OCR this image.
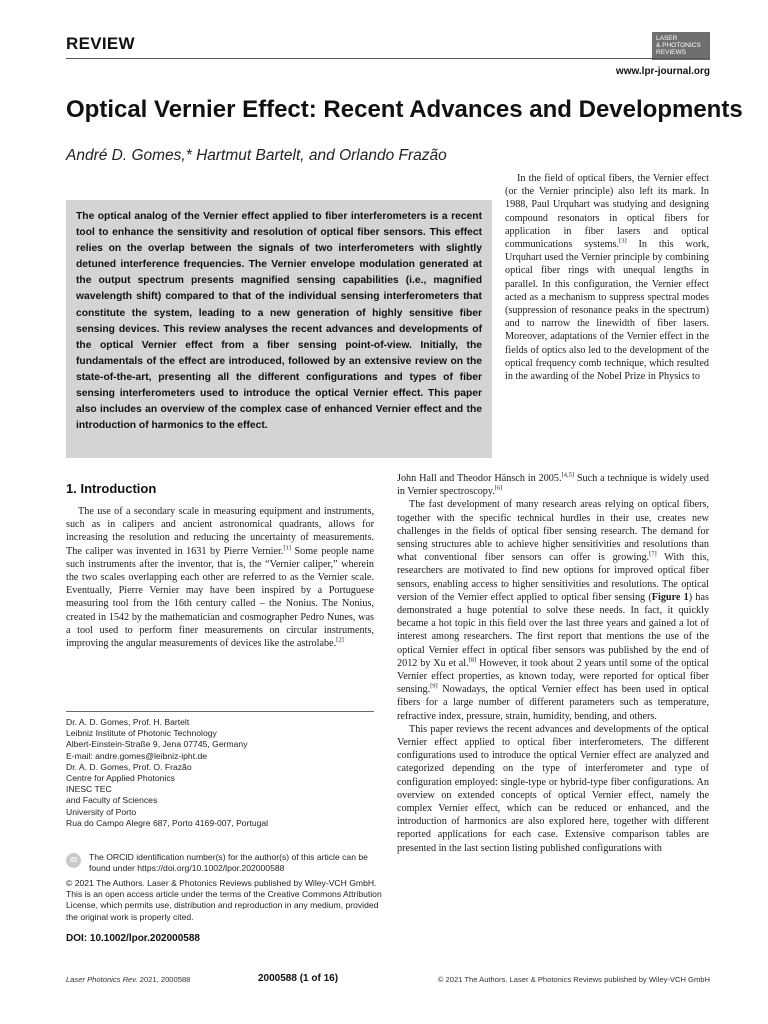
REVIEW	LASER
& PHOTONICS
REVIEWS
www.lpr-journal.org
Optical Vernier Effect: Recent Advances and Developments
André D. Gomes,* Hartmut Bartelt, and Orlando Frazão

The optical analog of the Vernier effect applied to fiber interferometers is a recent tool to enhance the sensitivity and resolution of optical fiber sensors. This effect relies on the overlap between the signals of two interferometers with slightly detuned interference frequencies. The Vernier envelope modulation generated at the output spectrum presents magnified sensing capabilities (i.e., magnified wavelength shift) compared to that of the individual sensing interferometers that constitute the system, leading to a new generation of highly sensitive fiber sensing devices. This review analyses the recent advances and developments of the optical Vernier effect from a fiber sensing point-of-view. Initially, the fundamentals of the effect are introduced, followed by an extensive review on the state-of-the-art, presenting all the different configurations and types of fiber sensing interferometers used to introduce the optical Vernier effect. This paper also includes an overview of the complex case of enhanced Vernier effect and the introduction of harmonics to the effect.

1. Introduction

The use of a secondary scale in measuring equipment and instruments, such as in calipers and ancient astronomical quadrants, allows for increasing the resolution and reducing the uncertainty of measurements. The caliper was invented in 1631 by Pierre Vernier.[1] Some people name such instruments after the inventor, that is, the “Vernier caliper,” wherein the two scales overlapping each other are referred to as the Vernier scale. Eventually, Pierre Vernier may have been inspired by a Portuguese measuring tool from the 16th century called – the Nonius. The Nonius, created in 1542 by the mathematician and cosmographer Pedro Nunes, was a tool used to perform finer measurements on circular instruments, improving the angular measurements of devices like the astrolabe.[2]

In the field of optical fibers, the Vernier effect (or the Vernier principle) also left its mark. In 1988, Paul Urquhart was studying and designing compound resonators in optical fibers for application in fiber lasers and optical communications systems.[3] In this work, Urquhart used the Vernier principle by combining optical fiber rings with unequal lengths in parallel. In this configuration, the Vernier effect acted as a mechanism to suppress spectral modes (suppression of resonance peaks in the spectrum) and to narrow the linewidth of fiber lasers. Moreover, adaptations of the Vernier effect in the fields of optics also led to the development of the optical frequency comb technique, which resulted in the awarding of the Nobel Prize in Physics to

John Hall and Theodor Hänsch in 2005.[4,5] Such a technique is widely used in Vernier spectroscopy.[6]

The fast development of many research areas relying on optical fibers, together with the specific technical hurdles in their use, creates new challenges in the fields of optical fiber sensing research. The demand for sensing structures able to achieve higher sensitivities and resolutions than what conventional fiber sensors can offer is growing.[7] With this, researchers are motivated to find new options for improved optical fiber sensors, enabling access to higher sensitivities and resolutions. The optical version of the Vernier effect applied to optical fiber sensing (Figure 1) has demonstrated a huge potential to solve these needs. In fact, it quickly became a hot topic in this field over the last three years and gained a lot of interest among researchers. The first report that mentions the use of the optical Vernier effect in optical fiber sensors was published by the end of 2012 by Xu et al.[8] However, it took about 2 years until some of the optical Vernier effect properties, as known today, were reported for optical fiber sensing.[9] Nowadays, the optical Vernier effect has been used in optical fibers for a large number of different parameters such as temperature, refractive index, pressure, strain, humidity, bending, and others.

This paper reviews the recent advances and developments of the optical Vernier effect applied to optical fiber interferometers. The different configurations used to introduce the optical Vernier effect are analyzed and categorized depending on the type of interferometer and type of configuration employed: single-type or hybrid-type fiber configurations. An overview on extended concepts of optical Vernier effect, namely the complex Vernier effect, which can be reduced or enhanced, and the introduction of harmonics are also explored here, together with different reported applications for each case. Extensive comparison tables are presented in the last section listing published configurations with

Dr. A. D. Gomes, Prof. H. Bartelt
Leibniz Institute of Photonic Technology
Albert-Einstein-Straße 9, Jena 07745, Germany
E-mail: andre.gomes@leibniz-ipht.de
Dr. A. D. Gomes, Prof. O. Frazão
Centre for Applied Photonics
INESC TEC
and Faculty of Sciences
University of Porto
Rua do Campo Alegre 687, Porto 4169-007, Portugal
iD	The ORCID identification number(s) for the author(s) of this article can be found under https://doi.org/10.1002/lpor.202000588
© 2021 The Authors. Laser & Photonics Reviews published by Wiley-VCH GmbH. This is an open access article under the terms of the Creative Commons Attribution License, which permits use, distribution and reproduction in any medium, provided the original work is properly cited.
DOI: 10.1002/lpor.202000588
Laser Photonics Rev. 2021, 2000588	2000588 (1 of 16)	© 2021 The Authors. Laser & Photonics Reviews published by Wiley-VCH GmbH
